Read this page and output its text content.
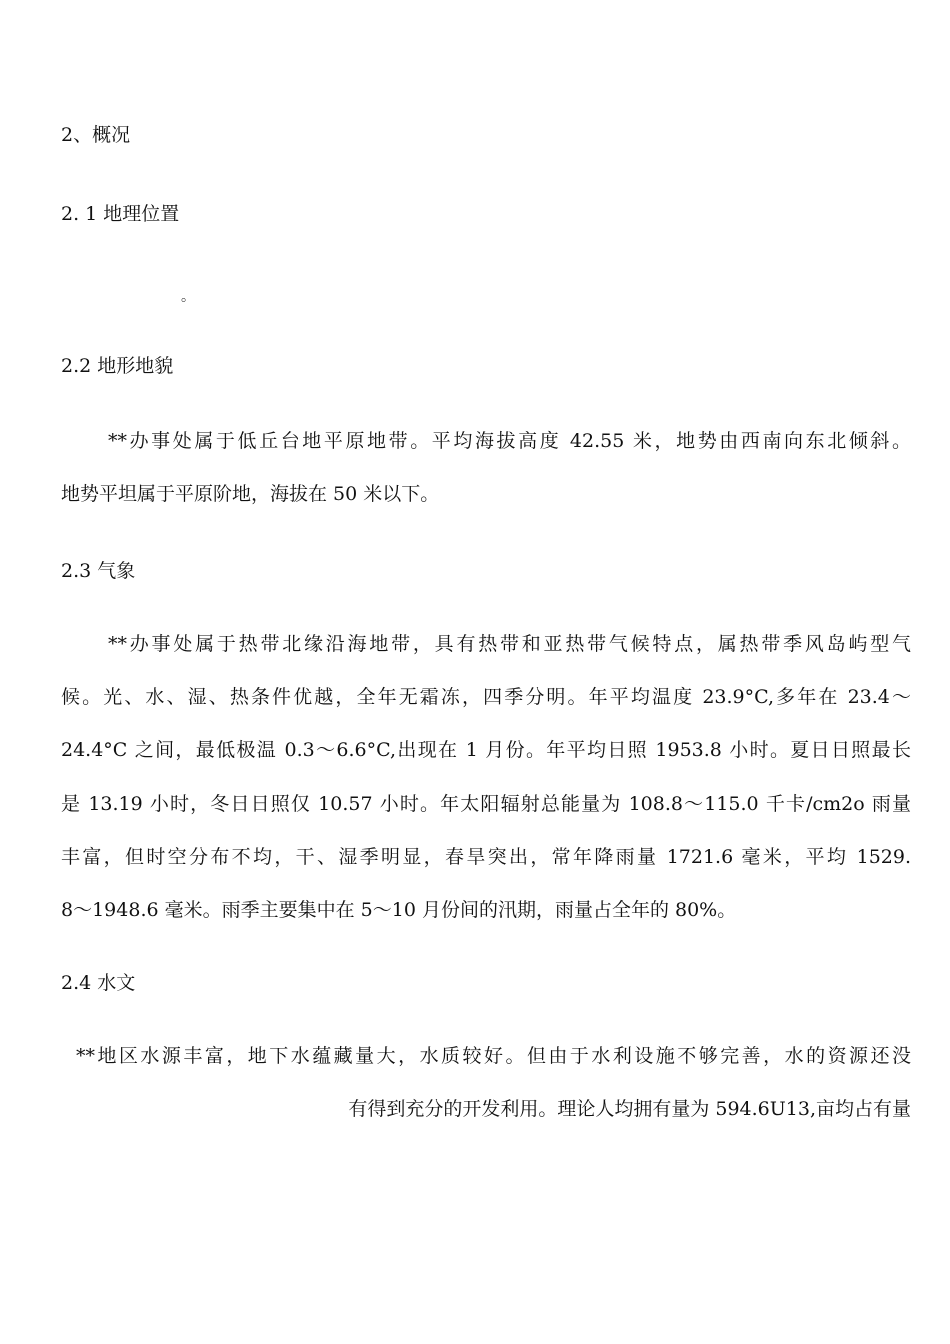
2、概况
2. 1 地理位置
。
2.2 地形地貌
**办事处属于低丘台地平原地带。平均海拔高度 42.55 米，地势由西南向东北倾斜。
地势平坦属于平原阶地，海拔在 50 米以下。
2.3 气象
**办事处属于热带北缘沿海地带，具有热带和亚热带气候特点，属热带季风岛屿型气
候。光、水、湿、热条件优越，全年无霜冻，四季分明。年平均温度 23.9°C,多年在 23.4〜
24.4°C 之间，最低极温 0.3〜6.6°C,出现在 1 月份。年平均日照 1953.8 小时。夏日日照最长
是 13.19 小时，冬日日照仅 10.57 小时。年太阳辐射总能量为 108.8〜115.0 千卡/cm2o 雨量
丰富，但时空分布不均，干、湿季明显，春旱突出，常年降雨量 1721.6 毫米，平均 1529.
8〜1948.6 毫米。雨季主要集中在 5〜10 月份间的汛期，雨量占全年的 80%。
2.4 水文
**地区水源丰富，地下水蕴藏量大，水质较好。但由于水利设施不够完善，水的资源还没
有得到充分的开发利用。理论人均拥有量为 594.6U13,亩均占有量
